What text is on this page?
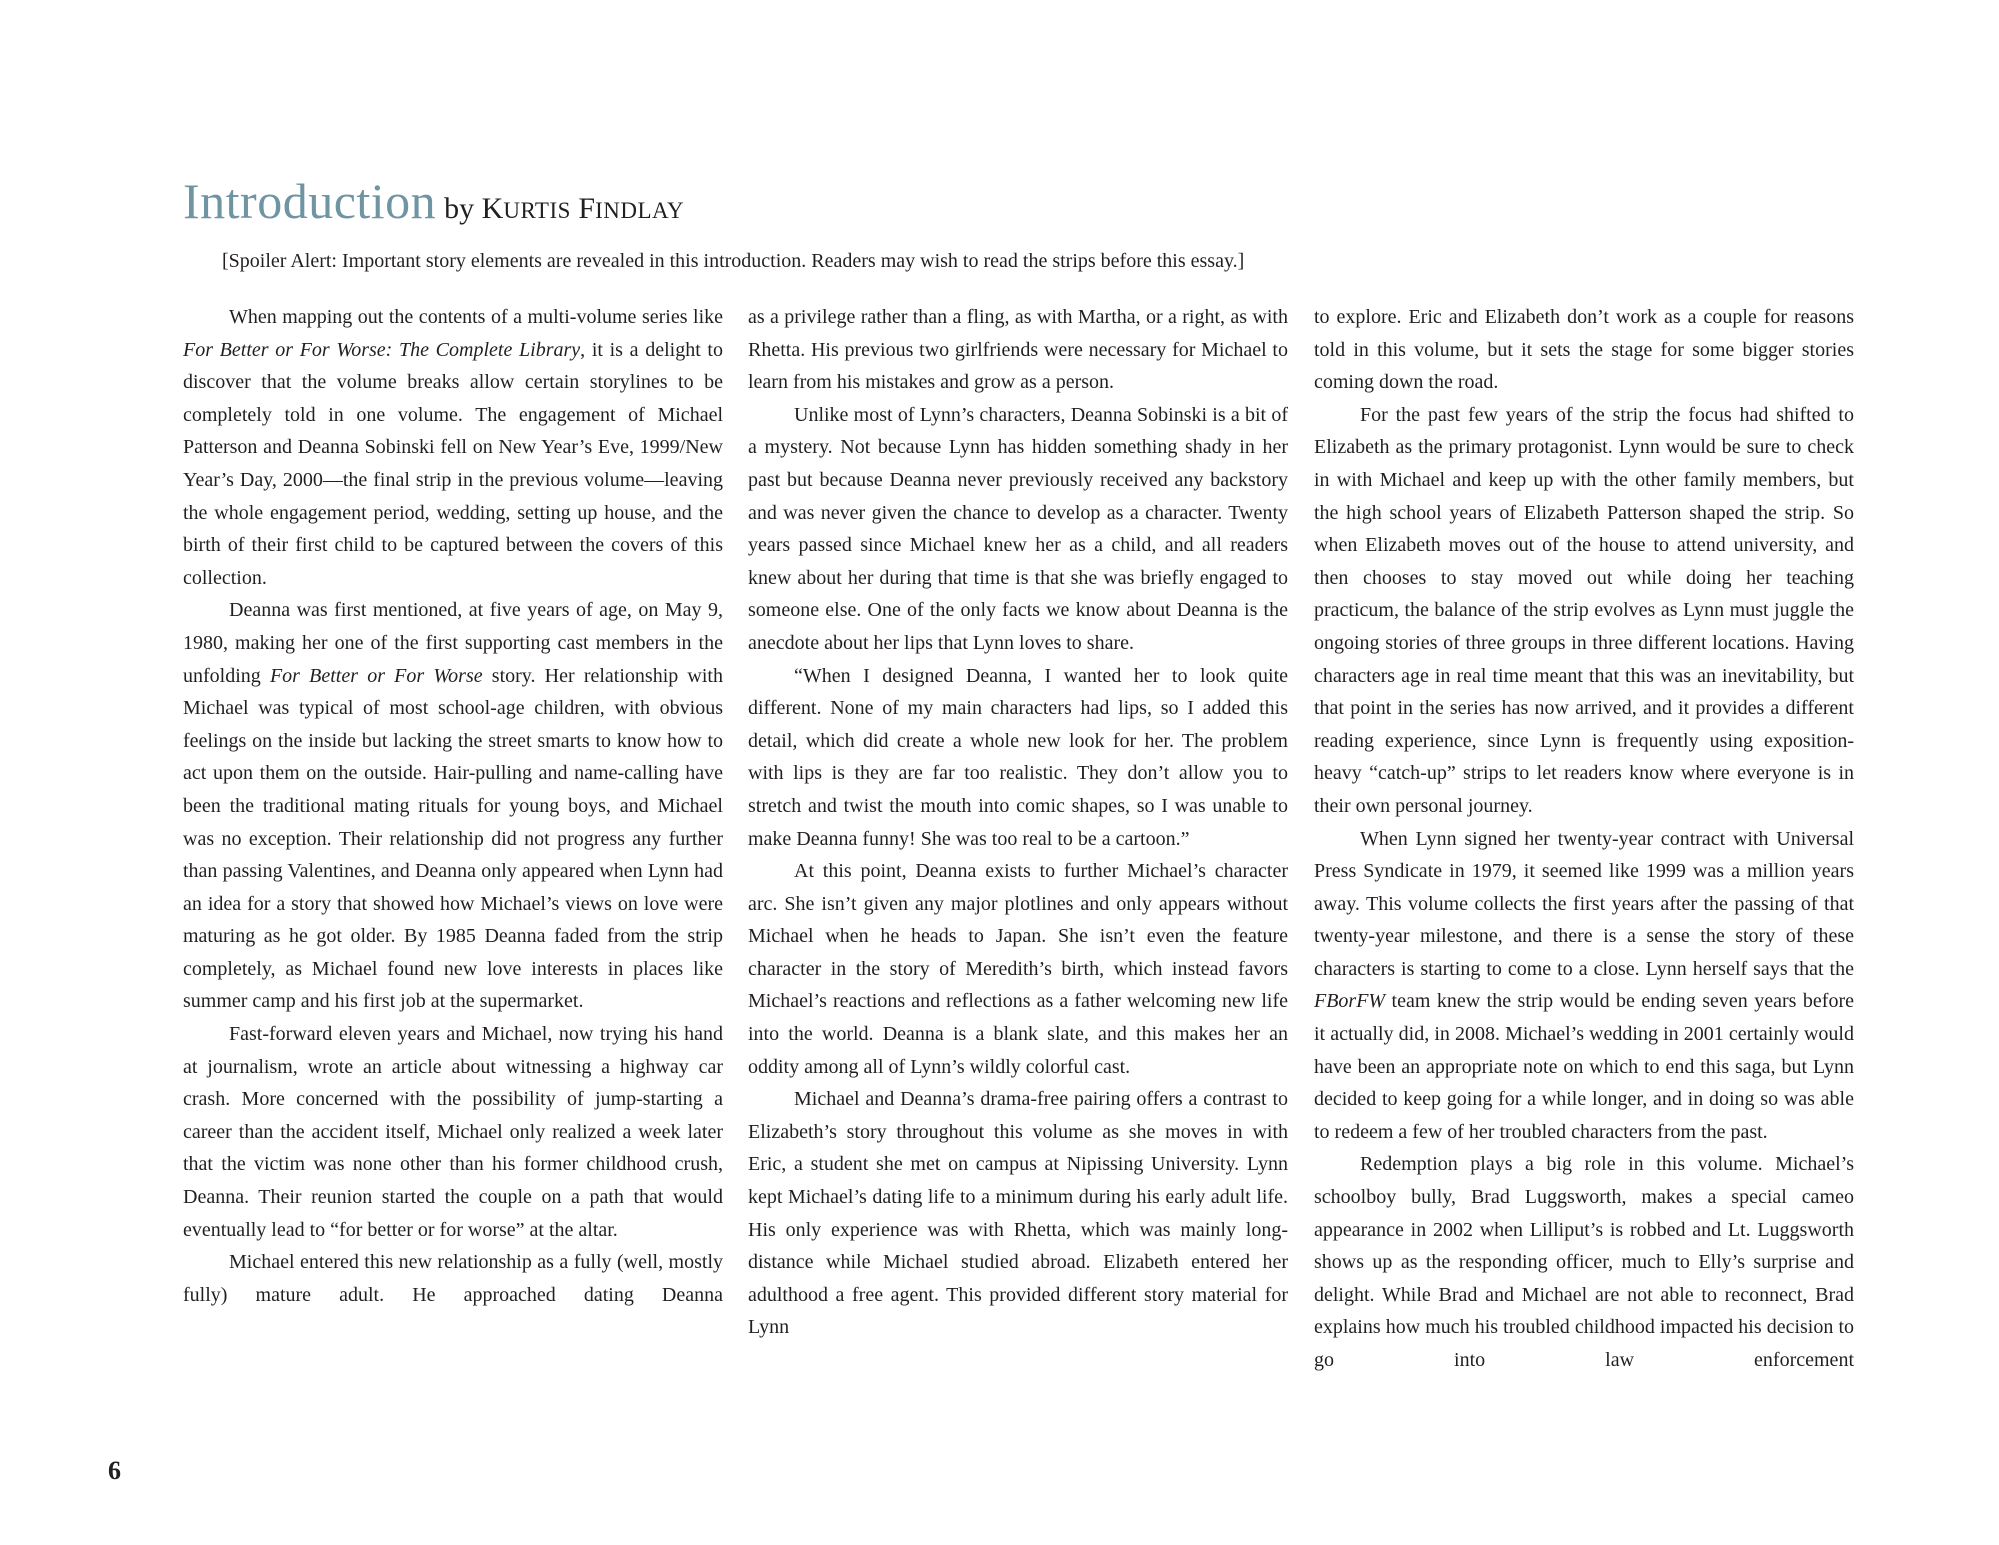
Introduction by KURTIS FINDLAY
[Spoiler Alert: Important story elements are revealed in this introduction. Readers may wish to read the strips before this essay.]

When mapping out the contents of a multi-volume series like For Better or For Worse: The Complete Library, it is a delight to discover that the volume breaks allow certain storylines to be completely told in one volume. The engagement of Michael Patterson and Deanna Sobinski fell on New Year’s Eve, 1999/New Year’s Day, 2000—the final strip in the previous volume—leaving the whole engagement period, wedding, setting up house, and the birth of their first child to be captured between the covers of this collection.

Deanna was first mentioned, at five years of age, on May 9, 1980, making her one of the first supporting cast members in the unfolding For Better or For Worse story. Her relationship with Michael was typical of most school-age children, with obvious feelings on the inside but lacking the street smarts to know how to act upon them on the outside. Hair-pulling and name-calling have been the traditional mating rituals for young boys, and Michael was no exception. Their relationship did not progress any further than passing Valentines, and Deanna only appeared when Lynn had an idea for a story that showed how Michael’s views on love were maturing as he got older. By 1985 Deanna faded from the strip completely, as Michael found new love interests in places like summer camp and his first job at the supermarket.

Fast-forward eleven years and Michael, now trying his hand at journalism, wrote an article about witnessing a highway car crash. More concerned with the possibility of jump-starting a career than the accident itself, Michael only realized a week later that the victim was none other than his former childhood crush, Deanna. Their reunion started the couple on a path that would eventually lead to “for better or for worse” at the altar.

Michael entered this new relationship as a fully (well, mostly fully) mature adult. He approached dating Deanna

as a privilege rather than a fling, as with Martha, or a right, as with Rhetta. His previous two girlfriends were necessary for Michael to learn from his mistakes and grow as a person.

Unlike most of Lynn’s characters, Deanna Sobinski is a bit of a mystery. Not because Lynn has hidden something shady in her past but because Deanna never previously received any backstory and was never given the chance to develop as a character. Twenty years passed since Michael knew her as a child, and all readers knew about her during that time is that she was briefly engaged to someone else. One of the only facts we know about Deanna is the anecdote about her lips that Lynn loves to share.

“When I designed Deanna, I wanted her to look quite different. None of my main characters had lips, so I added this detail, which did create a whole new look for her. The problem with lips is they are far too realistic. They don’t allow you to stretch and twist the mouth into comic shapes, so I was unable to make Deanna funny! She was too real to be a cartoon.”

At this point, Deanna exists to further Michael’s character arc. She isn’t given any major plotlines and only appears without Michael when he heads to Japan. She isn’t even the feature character in the story of Meredith’s birth, which instead favors Michael’s reactions and reflections as a father welcoming new life into the world. Deanna is a blank slate, and this makes her an oddity among all of Lynn’s wildly colorful cast.

Michael and Deanna’s drama-free pairing offers a contrast to Elizabeth’s story throughout this volume as she moves in with Eric, a student she met on campus at Nipissing University. Lynn kept Michael’s dating life to a minimum during his early adult life. His only experience was with Rhetta, which was mainly long-distance while Michael studied abroad. Elizabeth entered her adulthood a free agent. This provided different story material for Lynn

to explore. Eric and Elizabeth don’t work as a couple for reasons told in this volume, but it sets the stage for some bigger stories coming down the road.

For the past few years of the strip the focus had shifted to Elizabeth as the primary protagonist. Lynn would be sure to check in with Michael and keep up with the other family members, but the high school years of Elizabeth Patterson shaped the strip. So when Elizabeth moves out of the house to attend university, and then chooses to stay moved out while doing her teaching practicum, the balance of the strip evolves as Lynn must juggle the ongoing stories of three groups in three different locations. Having characters age in real time meant that this was an inevitability, but that point in the series has now arrived, and it provides a different reading experience, since Lynn is frequently using exposition-heavy “catch-up” strips to let readers know where everyone is in their own personal journey.

When Lynn signed her twenty-year contract with Universal Press Syndicate in 1979, it seemed like 1999 was a million years away. This volume collects the first years after the passing of that twenty-year milestone, and there is a sense the story of these characters is starting to come to a close. Lynn herself says that the FBorFW team knew the strip would be ending seven years before it actually did, in 2008. Michael’s wedding in 2001 certainly would have been an appropriate note on which to end this saga, but Lynn decided to keep going for a while longer, and in doing so was able to redeem a few of her troubled characters from the past.

Redemption plays a big role in this volume. Michael’s schoolboy bully, Brad Luggsworth, makes a special cameo appearance in 2002 when Lilliput’s is robbed and Lt. Luggsworth shows up as the responding officer, much to Elly’s surprise and delight. While Brad and Michael are not able to reconnect, Brad explains how much his troubled childhood impacted his decision to go into law enforcement

6
